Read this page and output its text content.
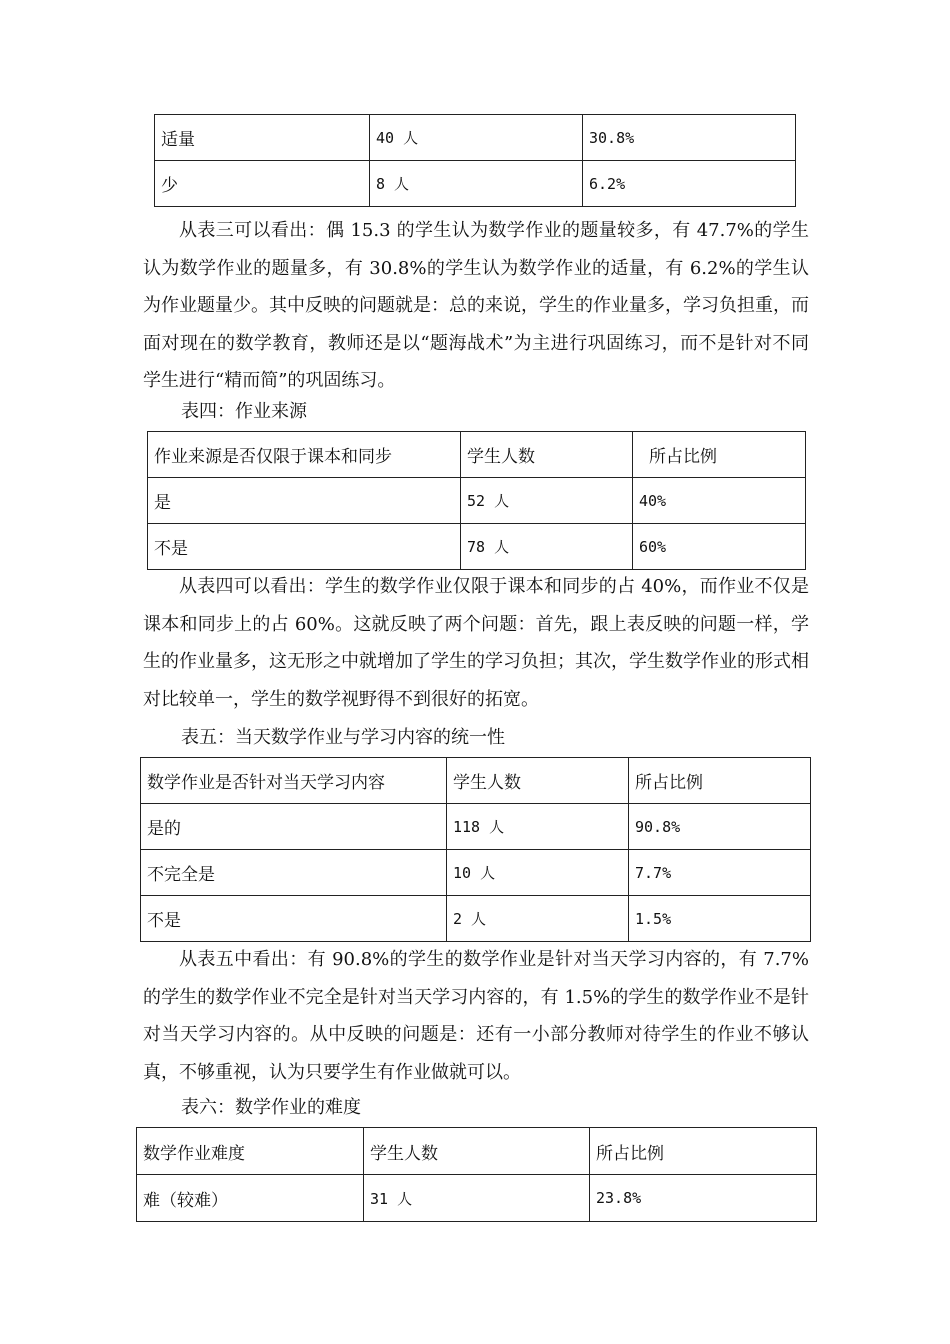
适量	40 人	30.8%
少	8 人	6.2%

从表三可以看出：偶 15.3 的学生认为数学作业的题量较多，有 47.7%的学生认为数学作业的题量多，有 30.8%的学生认为数学作业的适量，有 6.2%的学生认为作业题量少。其中反映的问题就是：总的来说，学生的作业量多，学习负担重，而面对现在的数学教育，教师还是以“题海战术”为主进行巩固练习，而不是针对不同学生进行“精而简”的巩固练习。

表四：作业来源
作业来源是否仅限于课本和同步	学生人数	所占比例
是	52 人	40%
不是	78 人	60%

从表四可以看出：学生的数学作业仅限于课本和同步的占 40%，而作业不仅是课本和同步上的占 60%。这就反映了两个问题：首先，跟上表反映的问题一样，学生的作业量多，这无形之中就增加了学生的学习负担；其次，学生数学作业的形式相对比较单一，学生的数学视野得不到很好的拓宽。

表五：当天数学作业与学习内容的统一性
数学作业是否针对当天学习内容	学生人数	所占比例
是的	118 人	90.8%
不完全是	10 人	7.7%
不是	2 人	1.5%

从表五中看出：有 90.8%的学生的数学作业是针对当天学习内容的，有 7.7%的学生的数学作业不完全是针对当天学习内容的，有 1.5%的学生的数学作业不是针对当天学习内容的。从中反映的问题是：还有一小部分教师对待学生的作业不够认真，不够重视，认为只要学生有作业做就可以。

表六：数学作业的难度
数学作业难度	学生人数	所占比例
难（较难）	31 人	23.8%
